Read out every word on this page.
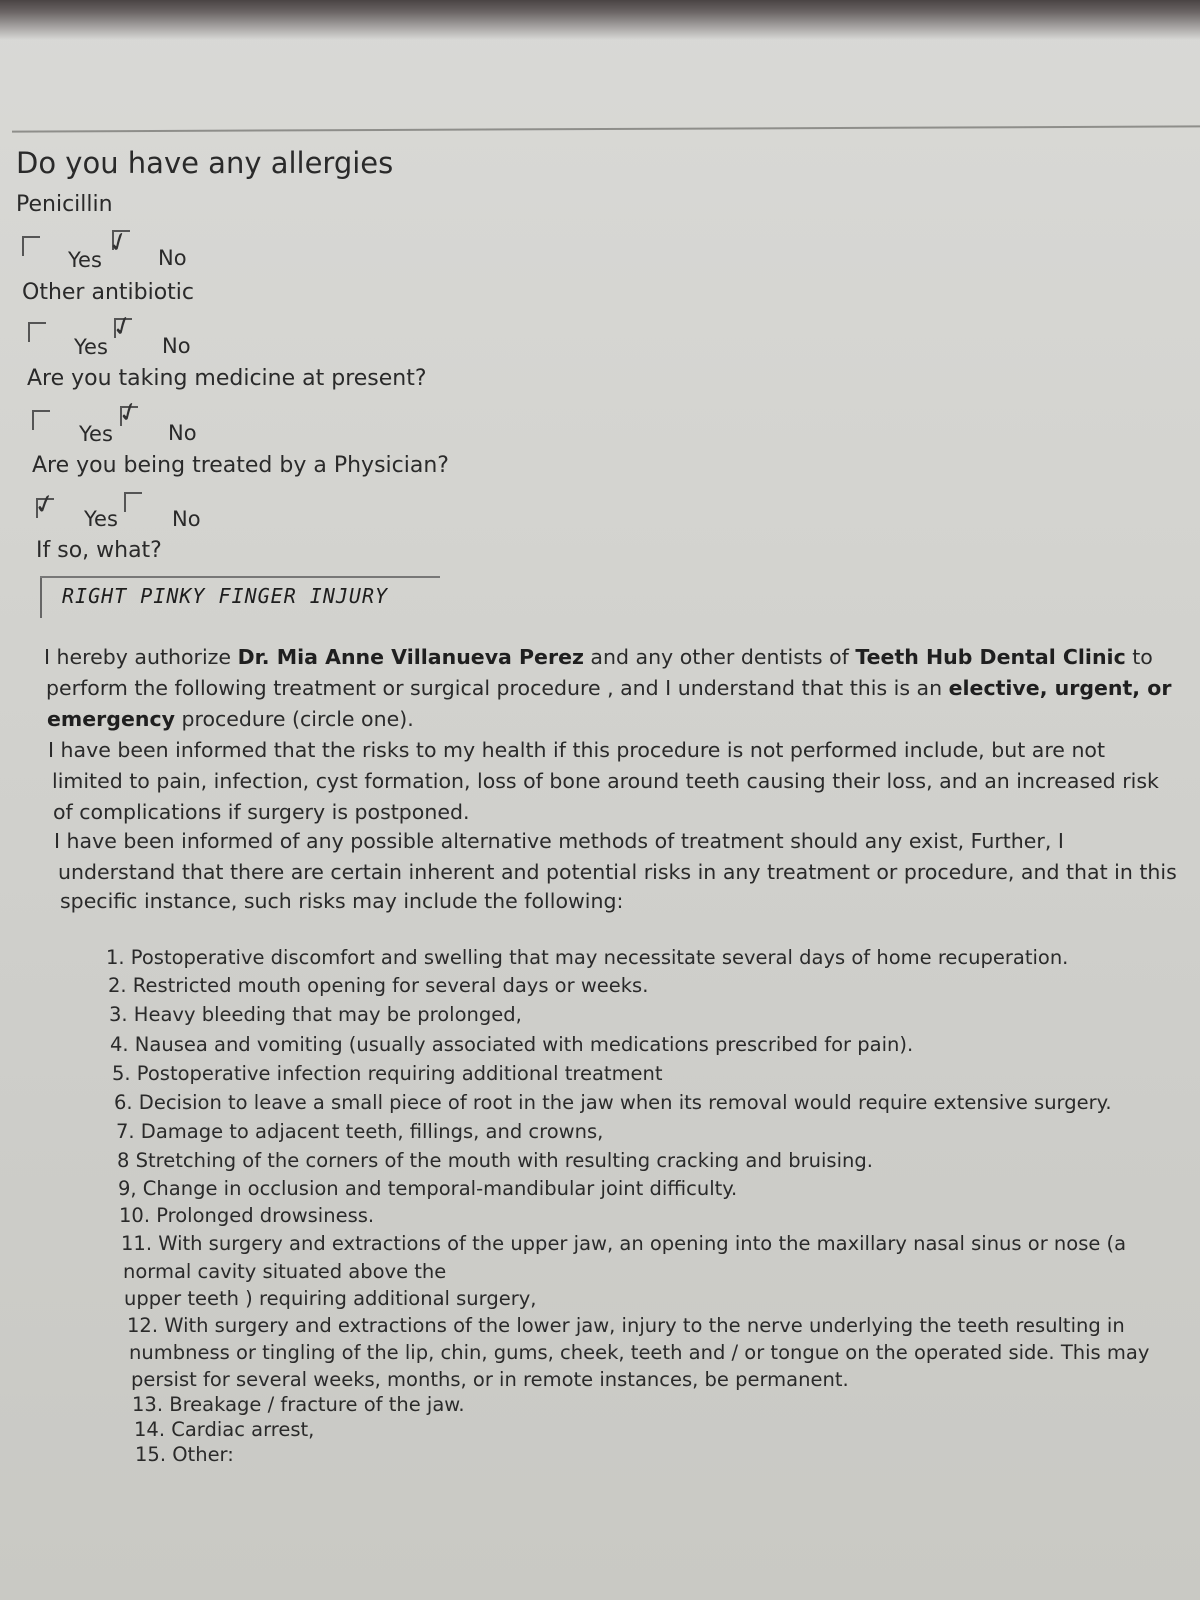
Do you have any allergies
Penicillin
Yes ✓ No
Other antibiotic
Yes
✓
No
Are you taking medicine at present?
Yes
✓
No
Are you being treated by a Physician?
✓ Yes	No
If so, what?
RIGHT PINKY FINGER INJURY
I hereby authorize Dr. Mia Anne Villanueva Perez and any other dentists of Teeth Hub Dental Clinic to
perform the following treatment or surgical procedure , and I understand that this is an elective, urgent, or
emergency procedure (circle one).
I have been informed that the risks to my health if this procedure is not performed include, but are not
limited to pain, infection, cyst formation, loss of bone around teeth causing their loss, and an increased risk
of complications if surgery is postponed.
I have been informed of any possible alternative methods of treatment should any exist, Further, I
understand that there are certain inherent and potential risks in any treatment or procedure, and that in this
specific instance, such risks may include the following:
1. Postoperative discomfort and swelling that may necessitate several days of home recuperation.
2. Restricted mouth opening for several days or weeks.
3. Heavy bleeding that may be prolonged,
4. Nausea and vomiting (usually associated with medications prescribed for pain).
5. Postoperative infection requiring additional treatment
6. Decision to leave a small piece of root in the jaw when its removal would require extensive surgery.
7. Damage to adjacent teeth, fillings, and crowns,
8 Stretching of the corners of the mouth with resulting cracking and bruising.
9, Change in occlusion and temporal-mandibular joint difficulty.
10. Prolonged drowsiness.
11. With surgery and extractions of the upper jaw, an opening into the maxillary nasal sinus or nose (a
normal cavity situated above the
upper teeth ) requiring additional surgery,
12. With surgery and extractions of the lower jaw, injury to the nerve underlying the teeth resulting in
numbness or tingling of the lip, chin, gums, cheek, teeth and / or tongue on the operated side. This may
persist for several weeks, months, or in remote instances, be permanent.
13. Breakage / fracture of the jaw.
14. Cardiac arrest,
15. Other:
